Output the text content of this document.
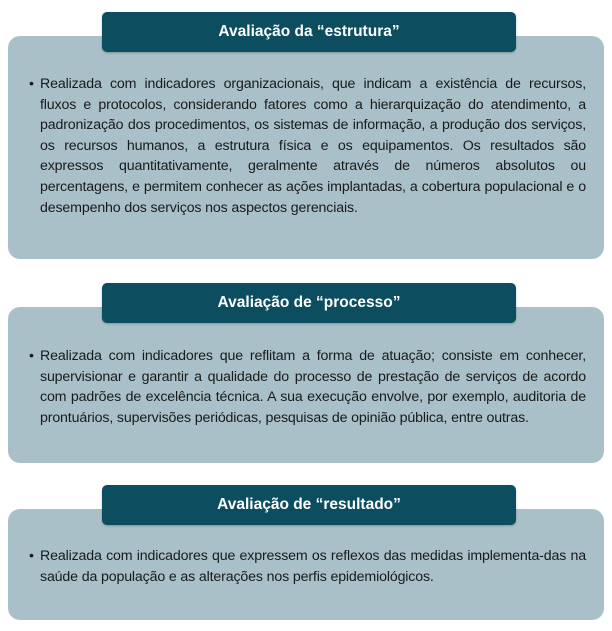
Avaliação da “estrutura”
• Realizada com indicadores organizacionais, que indicam a existência de recursos, fluxos e protocolos, considerando fatores como a hierarquização do atendimento, a padronização dos procedimentos, os sistemas de informação, a produção dos serviços, os recursos humanos, a estrutura física e os equipamentos. Os resultados são expressos quantitativamente, geralmente através de números absolutos ou percentagens, e permitem conhecer as ações implantadas, a cobertura populacional e o desempenho dos serviços nos aspectos gerenciais.
Avaliação de “processo”
• Realizada com indicadores que reflitam a forma de atuação; consiste em conhecer, supervisionar e garantir a qualidade do processo de prestação de serviços de acordo com padrões de excelência técnica. A sua execução envolve, por exemplo, auditoria de prontuários, supervisões periódicas, pesquisas de opinião pública, entre outras.
Avaliação de “resultado”
• Realizada com indicadores que expressem os reflexos das medidas implementa-das na saúde da população e as alterações nos perfis epidemiológicos.
